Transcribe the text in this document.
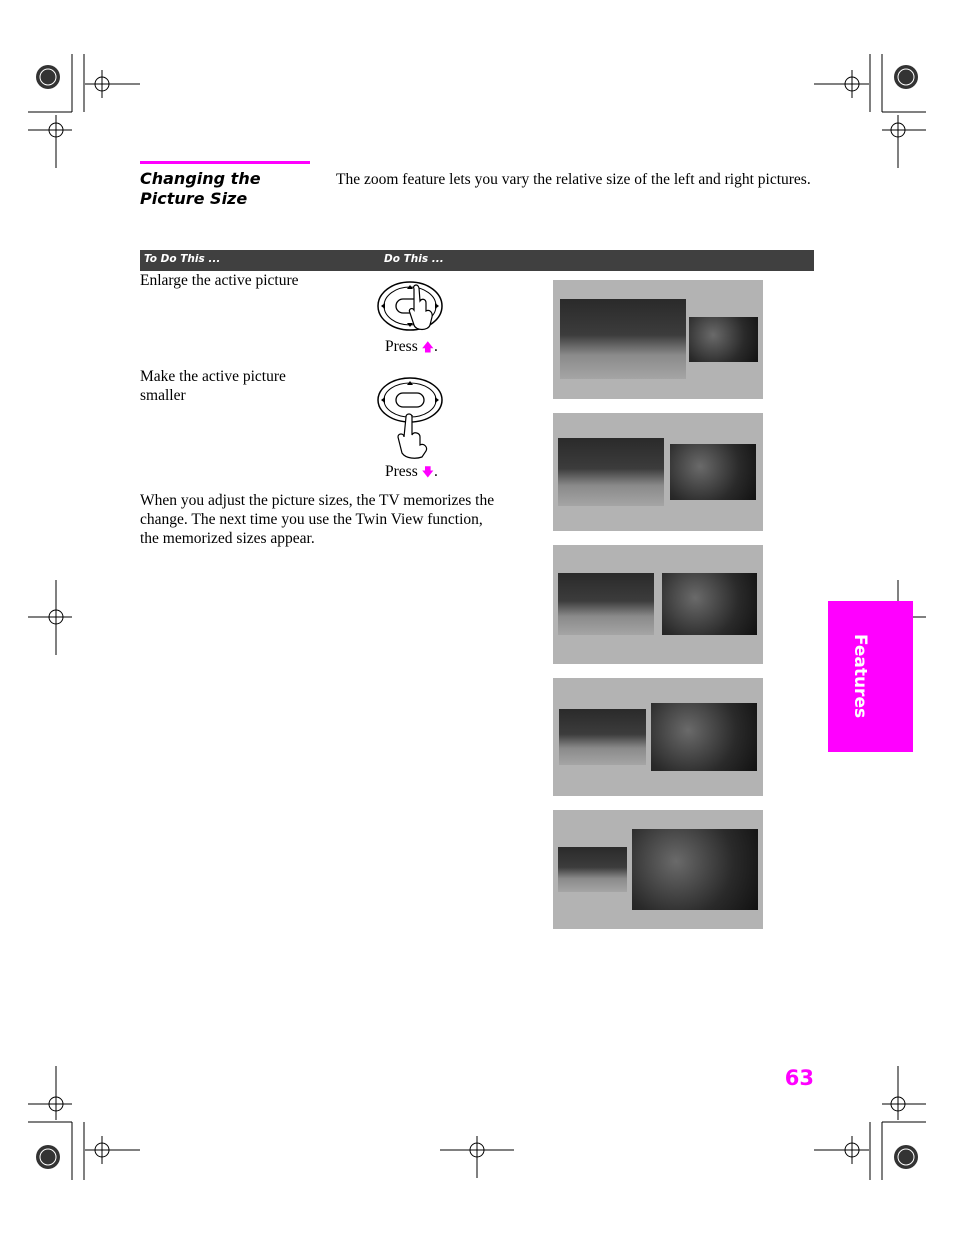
Changing the
Picture Size
The zoom feature lets you vary the relative size of the left and right pictures.
To Do This ...	Do This ...
Enlarge the active picture
Press 🡅.
Make the active picture smaller
Press 🡇.
When you adjust the picture sizes, the TV memorizes the change. The next time you use the Twin View function, the memorized sizes appear.
Features
63
